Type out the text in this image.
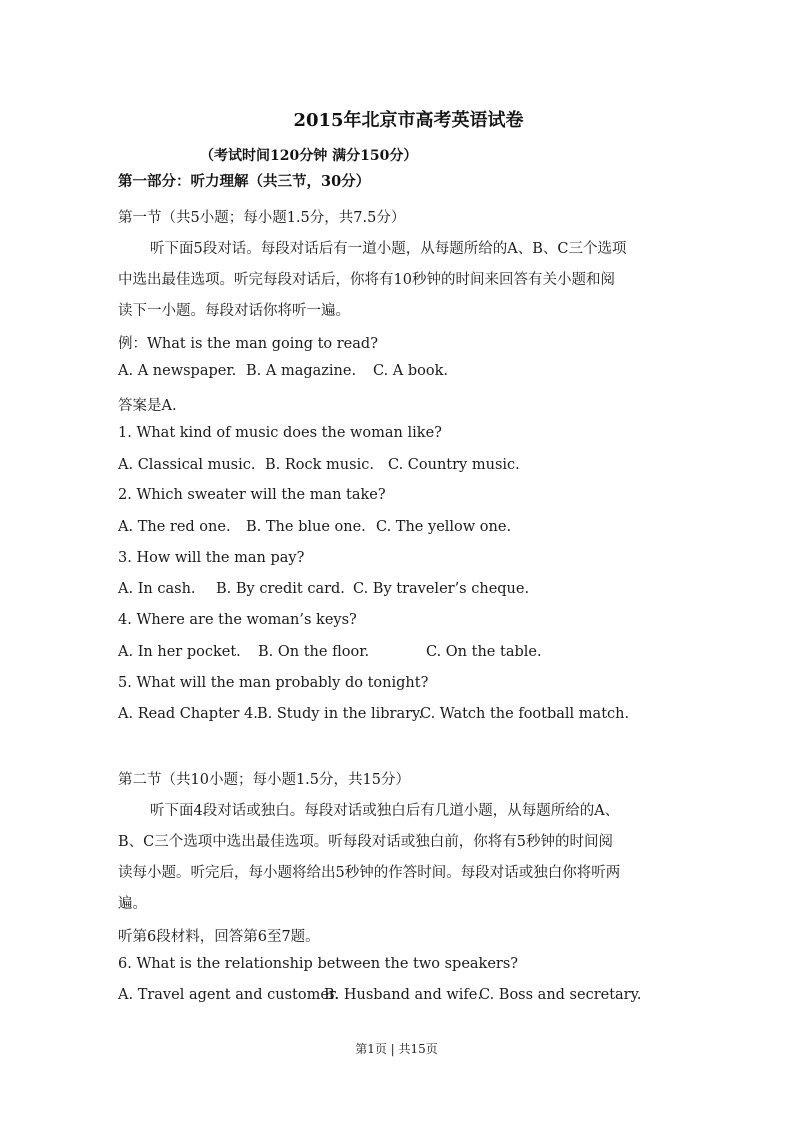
2015年北京市高考英语试卷
（考试时间120分钟 满分150分）
第一部分：听力理解（共三节，30分）
第一节（共5小题；每小题1.5分，共7.5分）
听下面5段对话。每段对话后有一道小题，从每题所给的A、B、C三个选项
中选出最佳选项。听完每段对话后，你将有10秒钟的时间来回答有关小题和阅
读下一小题。每段对话你将听一遍。
例：What is the man going to read?
A. A newspaper. B. A magazine. C. A book.
答案是A.
1. What kind of music does the woman like?
A. Classical music. B. Rock music. C. Country music.
2. Which sweater will the man take?
A. The red one. B. The blue one. C. The yellow one.
3. How will the man pay?
A. In cash. B. By credit card. C. By traveler’s cheque.
4. Where are the woman’s keys?
A. In her pocket. B. On the floor.	C. On the table.
5. What will the man probably do tonight?
A. Read Chapter 4.B. Study in the library.C. Watch the football match.
第二节（共10小题；每小题1.5分，共15分）
听下面4段对话或独白。每段对话或独白后有几道小题，从每题所给的A、
B、C三个选项中选出最佳选项。听每段对话或独白前，你将有5秒钟的时间阅
读每小题。听完后，每小题将给出5秒钟的作答时间。每段对话或独白你将听两
遍。
听第6段材料，回答第6至7题。
6. What is the relationship between the two speakers?
A. Travel agent and customer.B. Husband and wife.C. Boss and secretary.
第1页 | 共15页
